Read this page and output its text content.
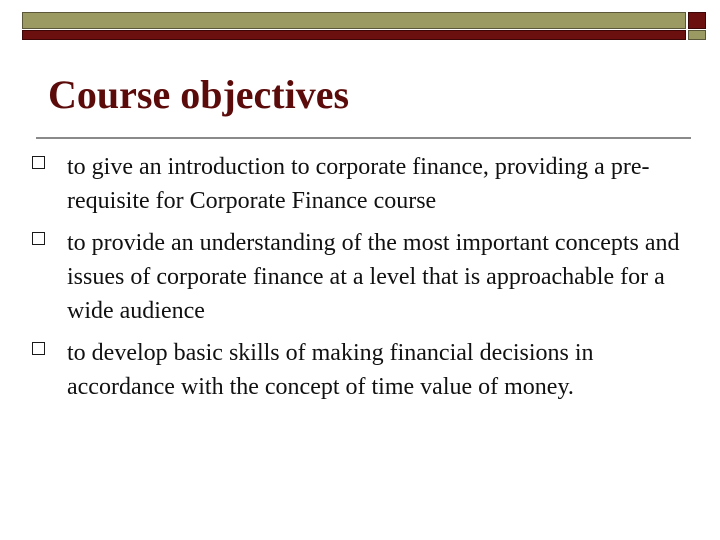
Course objectives
to give an introduction to corporate finance, providing a pre-requisite for Corporate Finance course
to provide an understanding of the most important concepts and issues of corporate finance at a level that is approachable for a wide audience
to develop basic skills of making financial decisions in accordance with the concept of time value of money.
